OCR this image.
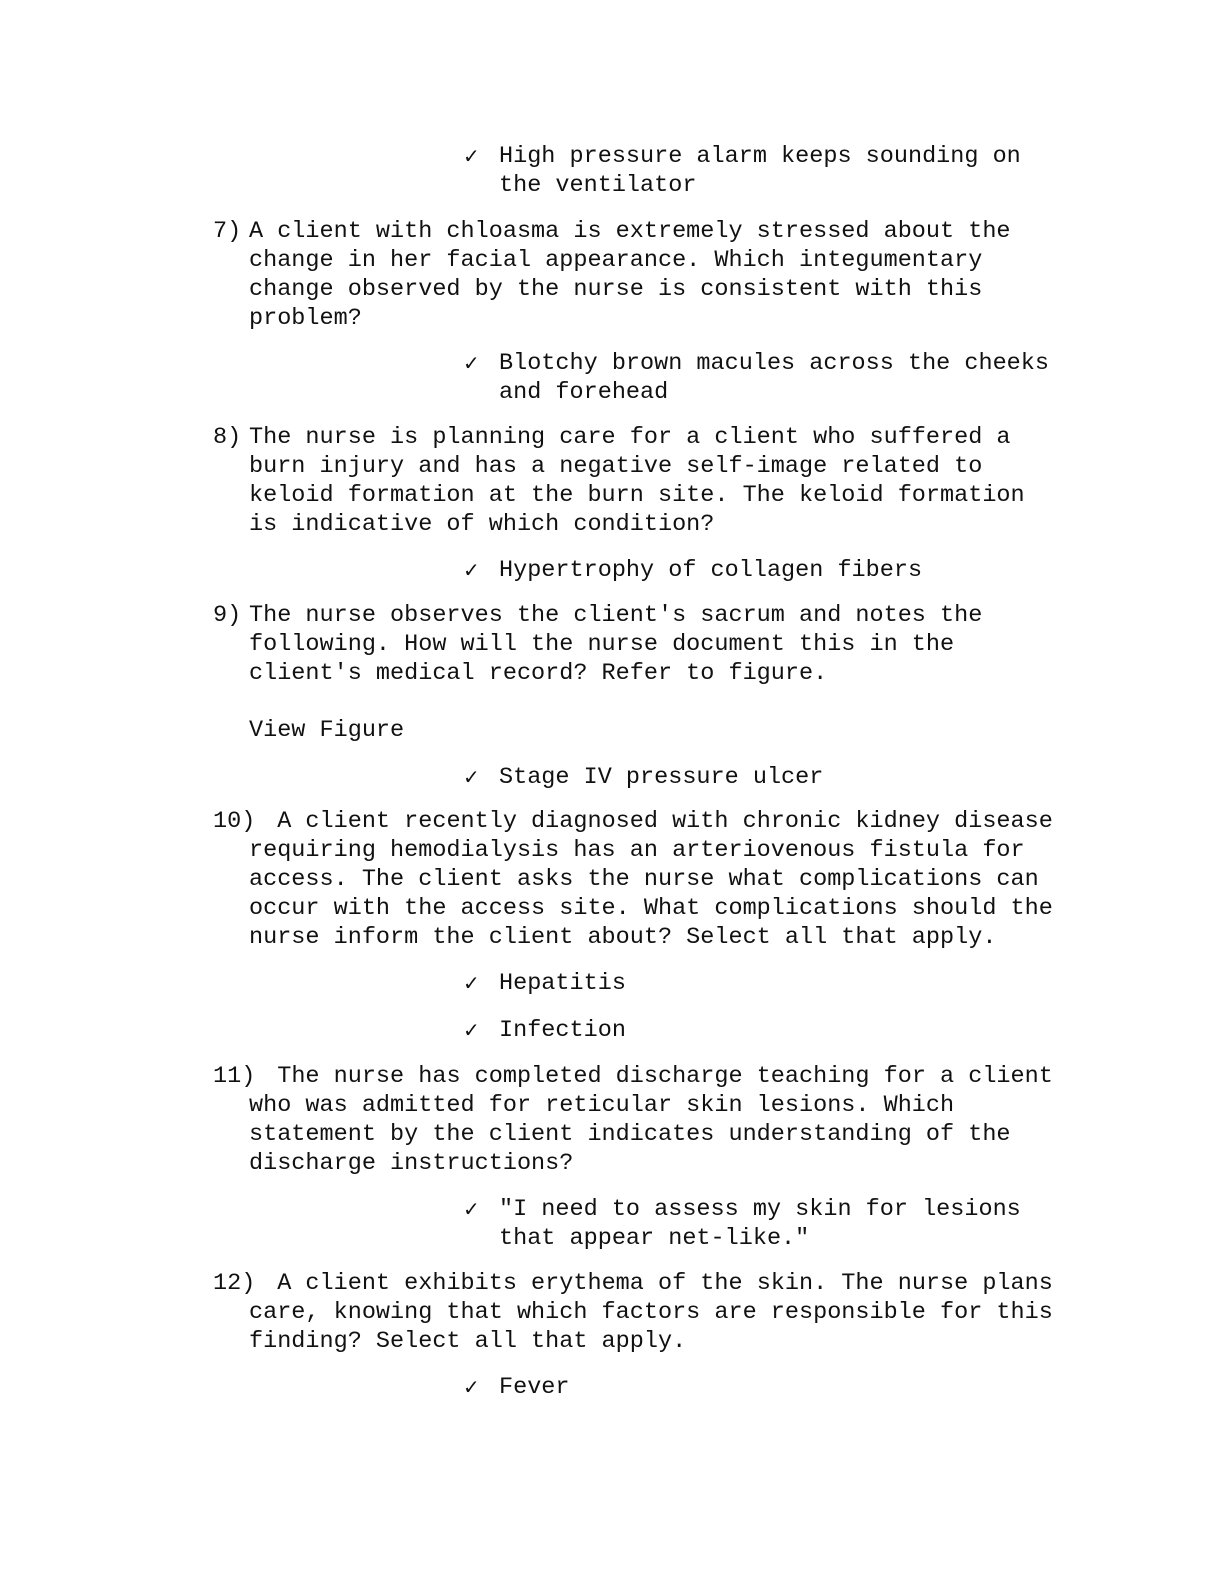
✓ High pressure alarm keeps sounding on
the ventilator
7) A client with chloasma is extremely stressed about the
change in her facial appearance. Which integumentary
change observed by the nurse is consistent with this
problem?
✓ Blotchy brown macules across the cheeks
and forehead
8) The nurse is planning care for a client who suffered a
burn injury and has a negative self-image related to
keloid formation at the burn site. The keloid formation
is indicative of which condition?
✓ Hypertrophy of collagen fibers
9) The nurse observes the client's sacrum and notes the
following. How will the nurse document this in the
client's medical record? Refer to figure.
View Figure
✓ Stage IV pressure ulcer
10) A client recently diagnosed with chronic kidney disease
requiring hemodialysis has an arteriovenous fistula for
access. The client asks the nurse what complications can
occur with the access site. What complications should the
nurse inform the client about? Select all that apply.
✓ Hepatitis
✓ Infection
11) The nurse has completed discharge teaching for a client
who was admitted for reticular skin lesions. Which
statement by the client indicates understanding of the
discharge instructions?
✓ "I need to assess my skin for lesions
that appear net-like."
12) A client exhibits erythema of the skin. The nurse plans
care, knowing that which factors are responsible for this
finding? Select all that apply.
✓ Fever
